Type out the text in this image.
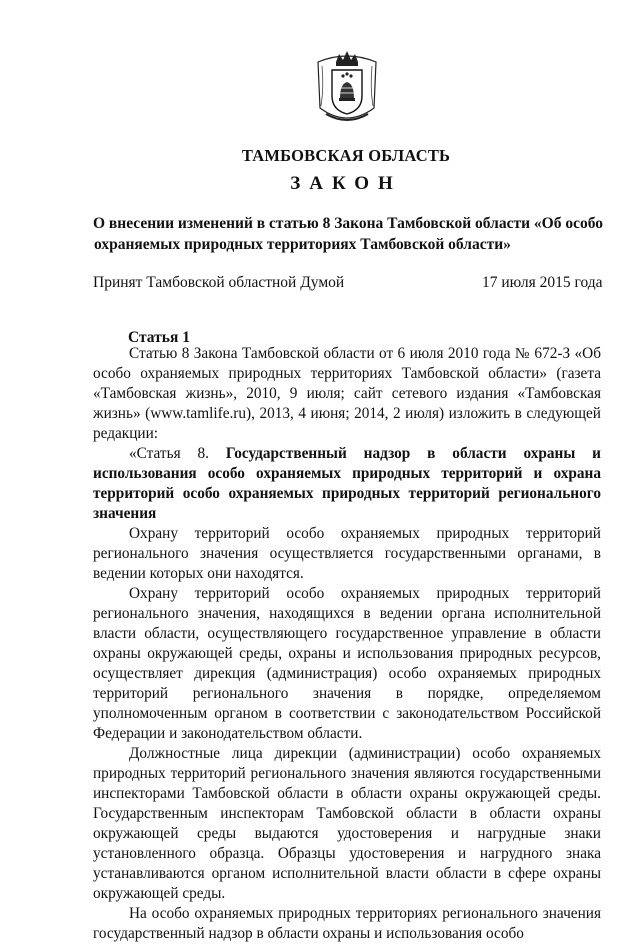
ТАМБОВСКАЯ ОБЛАСТЬ
ЗАКОН
О внесении изменений в статью 8 Закона Тамбовской области «Об особо
охраняемых природных территориях Тамбовской области»
Принят Тамбовской областной Думой	17 июля 2015 года
Статья 1

Статью 8 Закона Тамбовской области от 6 июля 2010 года № 672-З «Об особо охраняемых природных территориях Тамбовской области» (газета «Тамбовская жизнь», 2010, 9 июля; сайт сетевого издания «Тамбовская жизнь» (www.tamlife.ru), 2013, 4 июня; 2014, 2 июля) изложить в следующей редакции:

«Статья 8. Государственный надзор в области охраны и использования особо охраняемых природных территорий и охрана территорий особо охраняемых природных территорий регионального значения

Охрану территорий особо охраняемых природных территорий регионального значения осуществляется государственными органами, в ведении которых они находятся.

Охрану территорий особо охраняемых природных территорий регионального значения, находящихся в ведении органа исполнительной власти области, осуществляющего государственное управление в области охраны окружающей среды, охраны и использования природных ресурсов, осуществляет дирекция (администрация) особо охраняемых природных территорий регионального значения в порядке, определяемом уполномоченным органом в соответствии с законодательством Российской Федерации и законодательством области.

Должностные лица дирекции (администрации) особо охраняемых природных территорий регионального значения являются государственными инспекторами Тамбовской области в области охраны окружающей среды. Государственным инспекторам Тамбовской области в области охраны окружающей среды выдаются удостоверения и нагрудные знаки установленного образца. Образцы удостоверения и нагрудного знака устанавливаются органом исполнительной власти области в сфере охраны окружающей среды.

На особо охраняемых природных территориях регионального значения государственный надзор в области охраны и использования особо
